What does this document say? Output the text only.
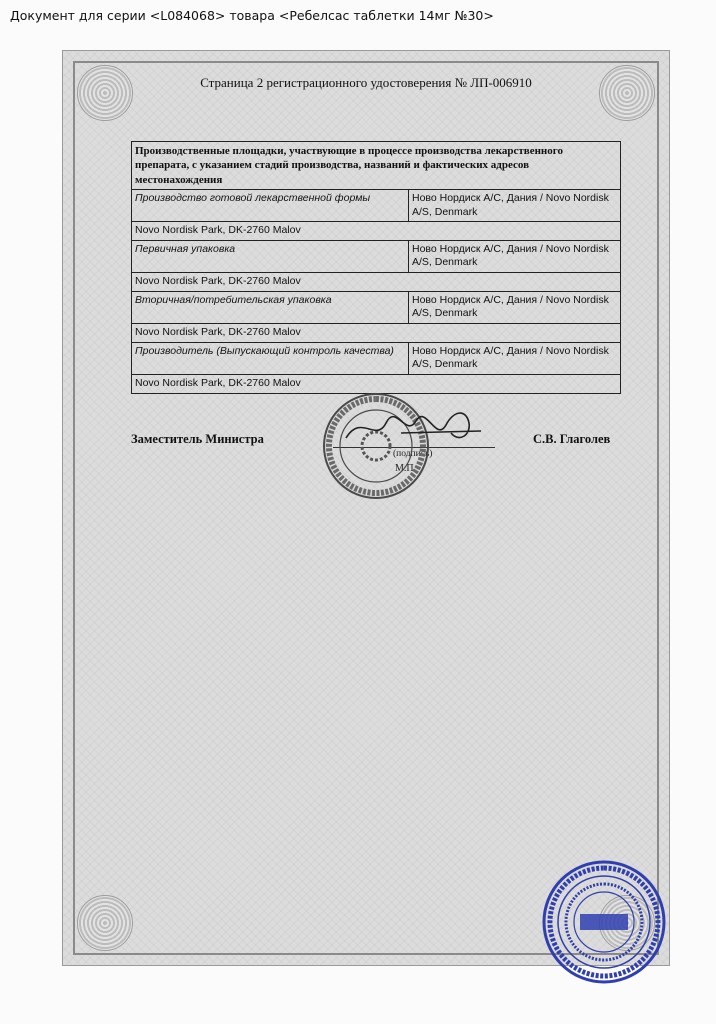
Документ для серии <L084068> товара <Ребелсас таблетки 14мг №30>
Страница 2 регистрационного удостоверения № ЛП-006910
Производственные площадки, участвующие в процессе производства лекарственного препарата, с указанием стадий производства, названий и фактических адресов местонахождения	
Производство готовой лекарственной формы	Ново Нордиск А/С, Дания / Novo Nordisk A/S, Denmark
Novo Nordisk Park, DK-2760 Malov	
Первичная упаковка	Ново Нордиск А/С, Дания / Novo Nordisk A/S, Denmark
Novo Nordisk Park, DK-2760 Malov	
Вторичная/потребительская упаковка	Ново Нордиск А/С, Дания / Novo Nordisk A/S, Denmark
Novo Nordisk Park, DK-2760 Malov	
Производитель (Выпускающий контроль качества)	Ново Нордиск А/С, Дания / Novo Nordisk A/S, Denmark
Novo Nordisk Park, DK-2760 Malov	
Заместитель Министра
(подпись)
М.П.
С.В. Глаголев
